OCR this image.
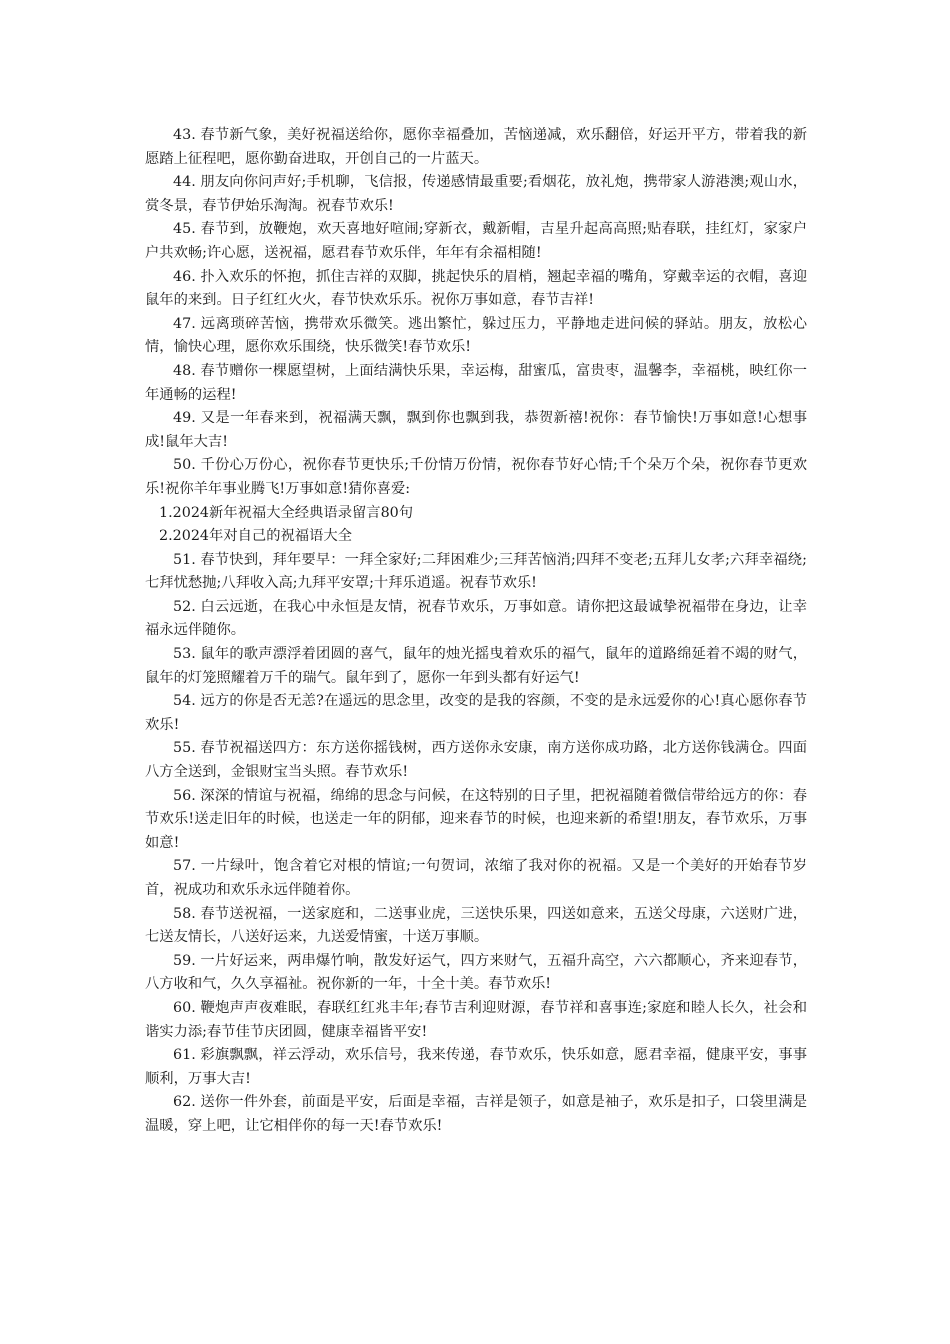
43. 春节新气象，美好祝福送给你，愿你幸福叠加，苦恼递减，欢乐翻倍，好运开平方，带着我的新愿踏上征程吧，愿你勤奋进取，开创自己的一片蓝天。

44. 朋友向你问声好;手机聊，飞信报，传递感情最重要;看烟花，放礼炮，携带家人游港澳;观山水，赏冬景，春节伊始乐淘淘。祝春节欢乐!

45. 春节到，放鞭炮，欢天喜地好喧闹;穿新衣，戴新帽，吉星升起高高照;贴春联，挂红灯，家家户户共欢畅;许心愿，送祝福，愿君春节欢乐伴，年年有余福相随!

46. 扑入欢乐的怀抱，抓住吉祥的双脚，挑起快乐的眉梢，翘起幸福的嘴角，穿戴幸运的衣帽，喜迎鼠年的来到。日子红红火火，春节快欢乐乐。祝你万事如意，春节吉祥!

47. 远离琐碎苦恼，携带欢乐微笑。逃出繁忙，躲过压力，平静地走进问候的驿站。朋友，放松心情，愉快心理，愿你欢乐围绕，快乐微笑!春节欢乐!

48. 春节赠你一棵愿望树，上面结满快乐果，幸运梅，甜蜜瓜，富贵枣，温馨李，幸福桃，映红你一年通畅的运程!

49. 又是一年春来到，祝福满天飘，飘到你也飘到我，恭贺新禧!祝你：春节愉快!万事如意!心想事成!鼠年大吉!

50. 千份心万份心，祝你春节更快乐;千份情万份情，祝你春节好心情;千个朵万个朵，祝你春节更欢乐!祝你羊年事业腾飞!万事如意!猜你喜爱:

1.2024新年祝福大全经典语录留言80句

2.2024年对自己的祝福语大全

51. 春节快到，拜年要早：一拜全家好;二拜困难少;三拜苦恼消;四拜不变老;五拜儿女孝;六拜幸福绕;七拜忧愁抛;八拜收入高;九拜平安罩;十拜乐逍遥。祝春节欢乐!

52. 白云远逝，在我心中永恒是友情，祝春节欢乐，万事如意。请你把这最诚挚祝福带在身边，让幸福永远伴随你。

53. 鼠年的歌声漂浮着团圆的喜气，鼠年的烛光摇曳着欢乐的福气，鼠年的道路绵延着不竭的财气，鼠年的灯笼照耀着万千的瑞气。鼠年到了，愿你一年到头都有好运气!

54. 远方的你是否无恙?在遥远的思念里，改变的是我的容颜，不变的是永远爱你的心!真心愿你春节欢乐!

55. 春节祝福送四方：东方送你摇钱树，西方送你永安康，南方送你成功路，北方送你钱满仓。四面八方全送到，金银财宝当头照。春节欢乐!

56. 深深的情谊与祝福，绵绵的思念与问候，在这特别的日子里，把祝福随着微信带给远方的你：春节欢乐!送走旧年的时候，也送走一年的阴郁，迎来春节的时候，也迎来新的希望!朋友，春节欢乐，万事如意!

57. 一片绿叶，饱含着它对根的情谊;一句贺词，浓缩了我对你的祝福。又是一个美好的开始春节岁首，祝成功和欢乐永远伴随着你。

58. 春节送祝福，一送家庭和，二送事业虎，三送快乐果，四送如意来，五送父母康，六送财广进，七送友情长，八送好运来，九送爱情蜜，十送万事顺。

59. 一片好运来，两串爆竹响，散发好运气，四方来财气，五福升高空，六六都顺心，齐来迎春节，八方收和气，久久享福祉。祝你新的一年，十全十美。春节欢乐!

60. 鞭炮声声夜难眠，春联红红兆丰年;春节吉利迎财源，春节祥和喜事连;家庭和睦人长久，社会和谐实力添;春节佳节庆团圆，健康幸福皆平安!

61. 彩旗飘飘，祥云浮动，欢乐信号，我来传递，春节欢乐，快乐如意，愿君幸福，健康平安，事事顺利，万事大吉!

62. 送你一件外套，前面是平安，后面是幸福，吉祥是领子，如意是袖子，欢乐是扣子，口袋里满是温暖，穿上吧，让它相伴你的每一天!春节欢乐!
